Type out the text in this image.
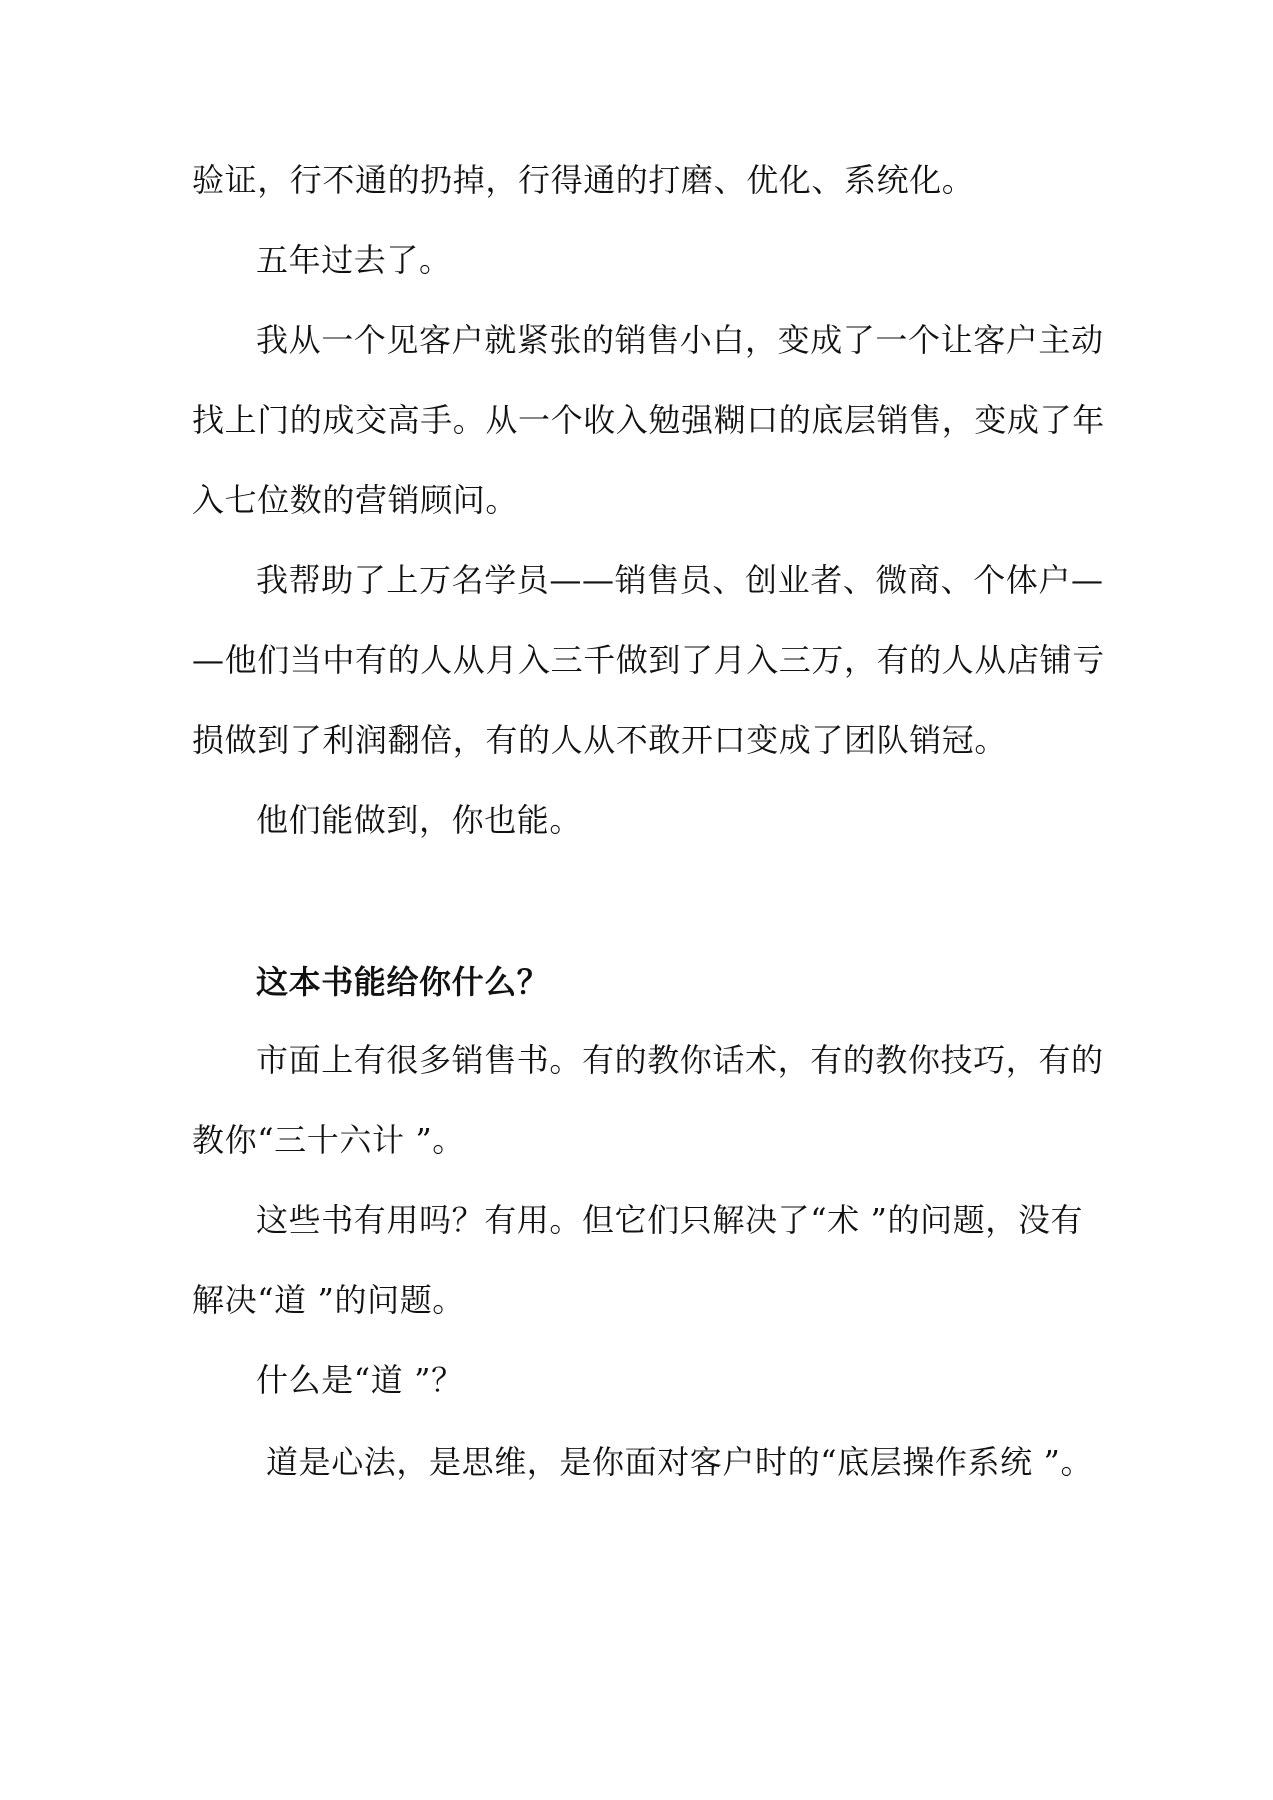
验证，行不通的扔掉，行得通的打磨、优化、系统化。

五年过去了。

我从一个见客户就紧张的销售小白，变成了一个让客户主动

找上门的成交高手。从一个收入勉强糊口的底层销售，变成了年

入七位数的营销顾问。

我帮助了上万名学员——销售员、创业者、微商、个体户—

—他们当中有的人从月入三千做到了月入三万，有的人从店铺亏

损做到了利润翻倍，有的人从不敢开口变成了团队销冠。

他们能做到，你也能。

这本书能给你什么？

市面上有很多销售书。有的教你话术，有的教你技巧，有的

教你“三十六计 ”。

这些书有用吗？有用。但它们只解决了“术 ”的问题，没有

解决“道 ”的问题。

什么是“道 ”？

道是心法，是思维，是你面对客户时的“底层操作系统 ”。
